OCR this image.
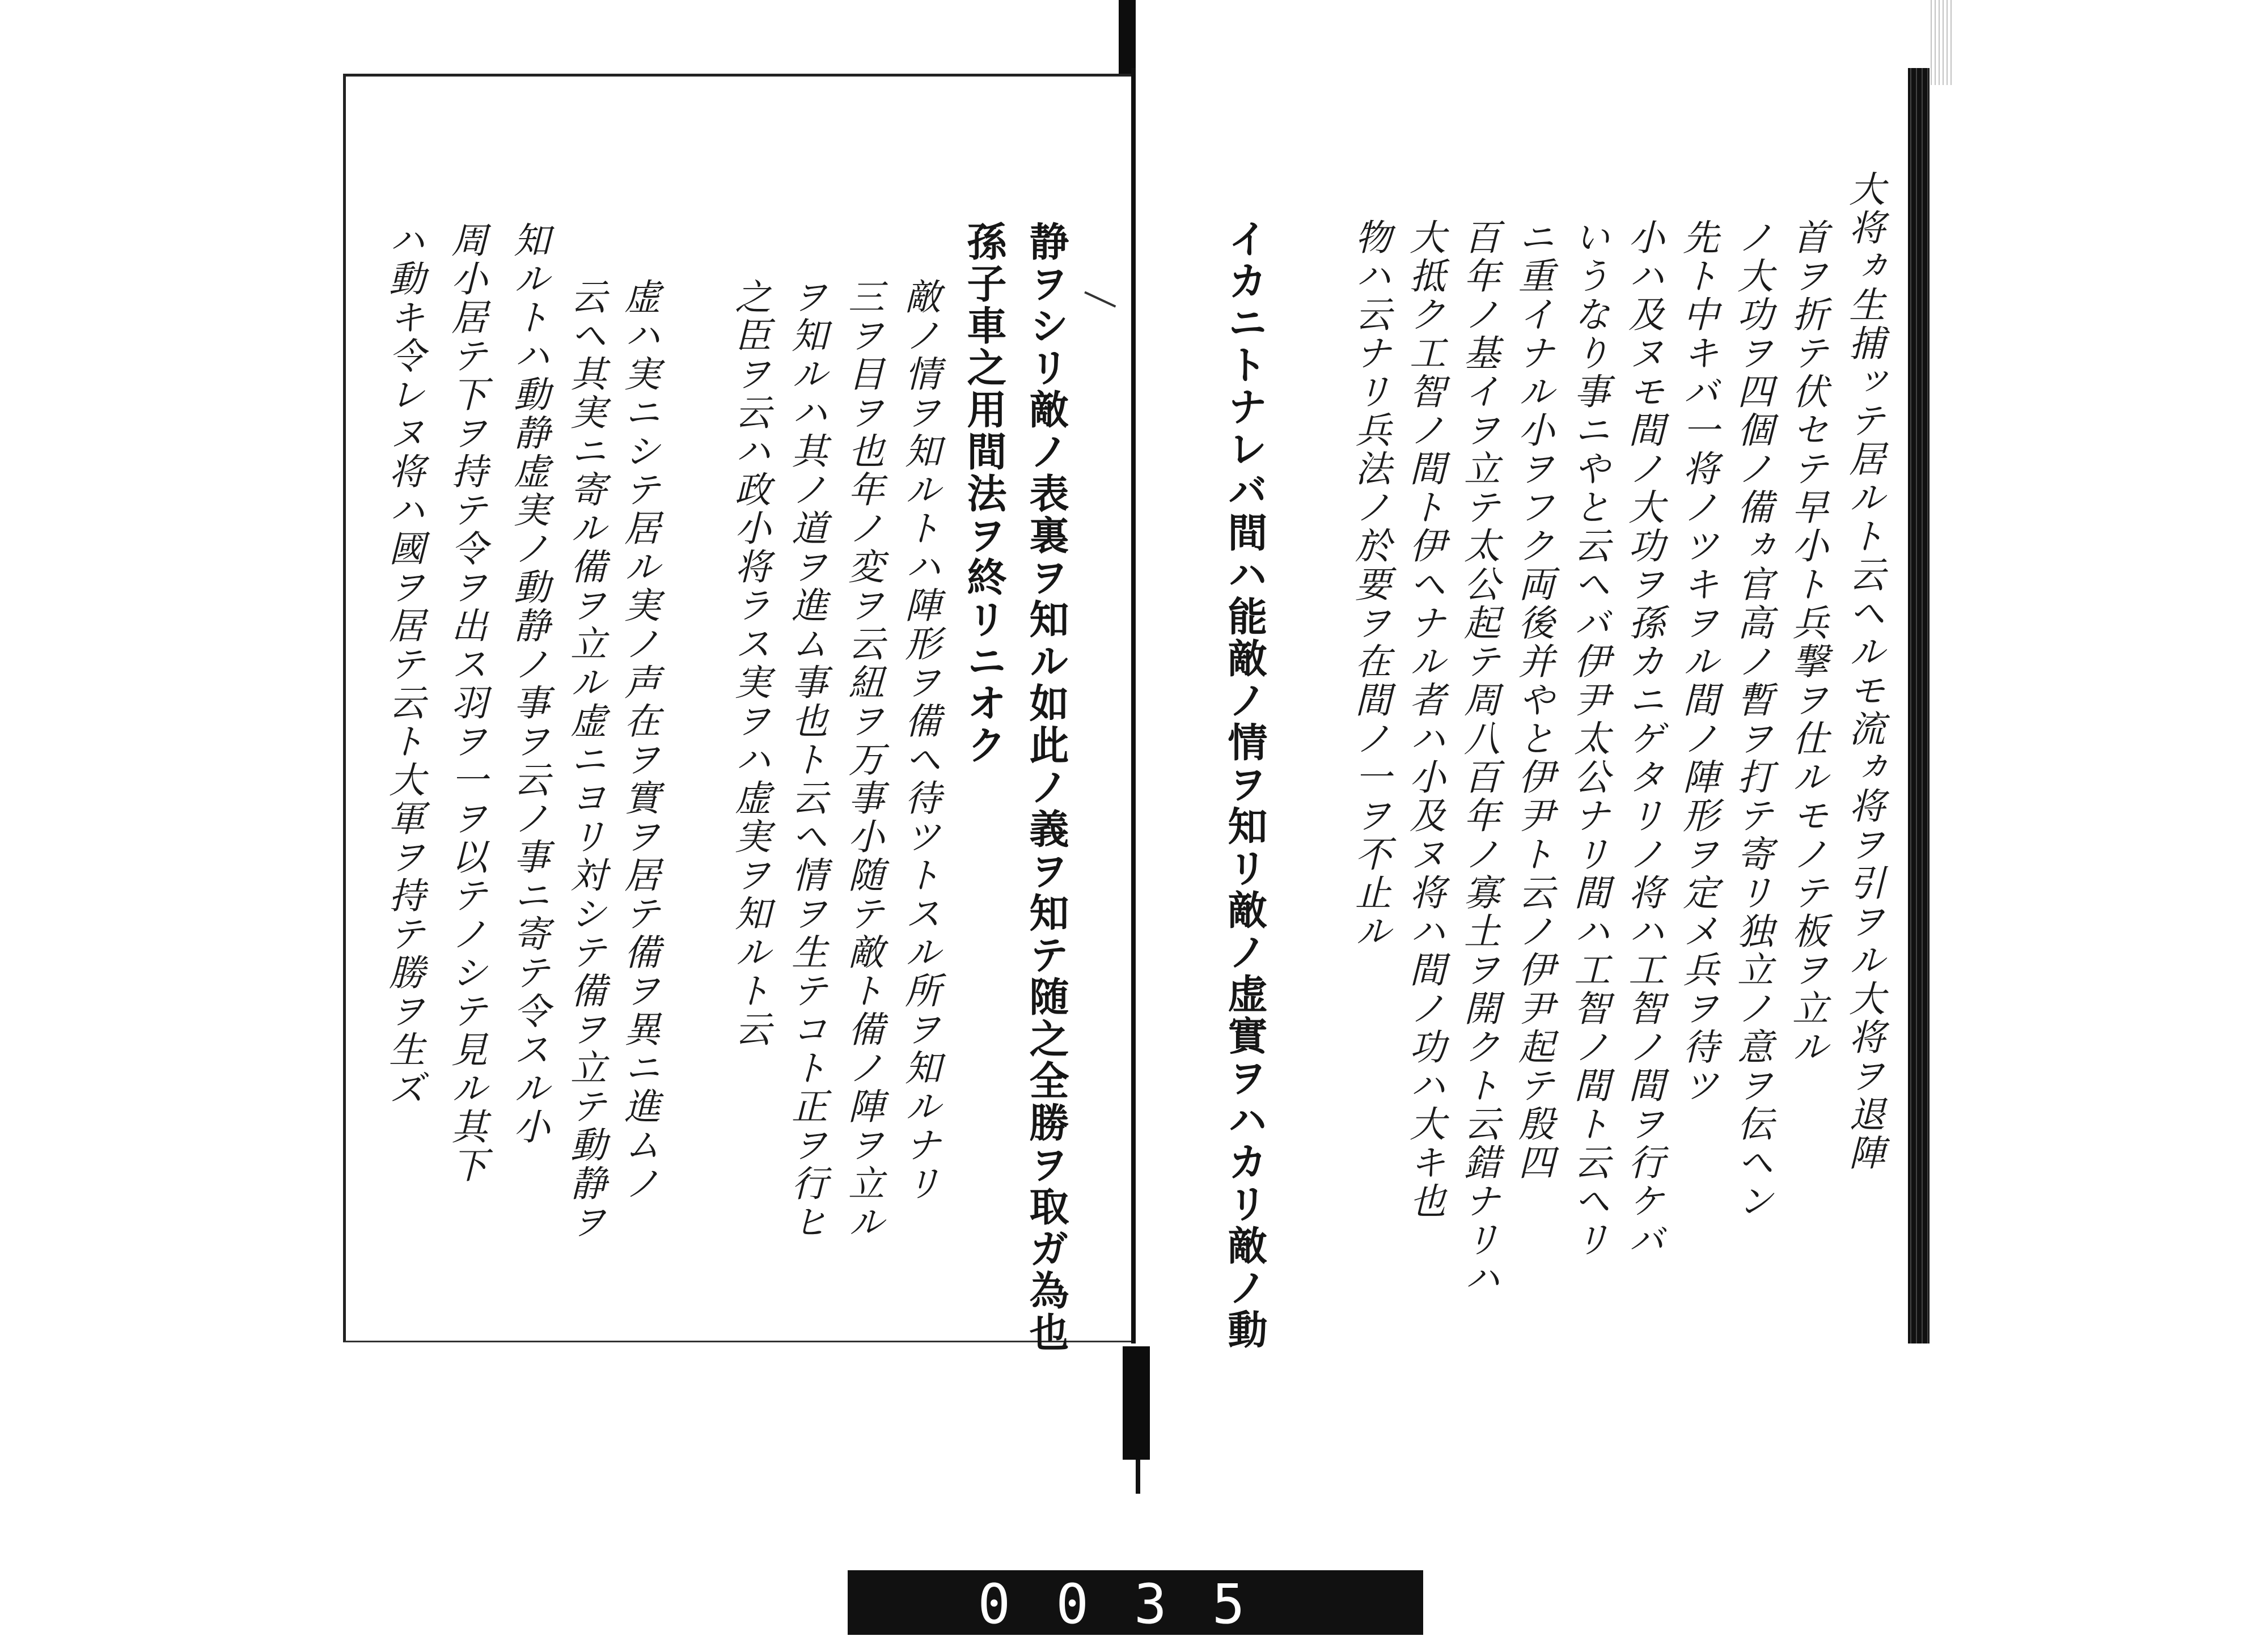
大将ヵ生捕ッテ居ルト云ヘルモ流ヵ将ヲ引ヲル大将ヲ退陣
首ヲ折テ伏セテ早小ト兵撃ヲ仕ルモノテ板ヲ立ル
ノ大功ヲ四個ノ備ヵ官高ノ暫ヲ打テ寄リ独立ノ意ヲ伝ヘン
先ト中キバ一将ノツキヲル間ノ陣形ヲ定メ兵ヲ待ツ
小ハ及ヌモ間ノ大功ヲ孫カニゲタリノ将ハ工智ノ間ヲ行ケバ
いうなり事ニやと云ヘバ伊尹太公ナリ間ハ工智ノ間ト云ヘリ
ニ重イナル小ヲフク両後并やと伊尹ト云ノ伊尹起テ殷四
百年ノ基イヲ立テ太公起テ周八百年ノ寡土ヲ開クト云錯ナリハ
大抵ク工智ノ間ト伊ヘナル者ハ小及ヌ将ハ間ノ功ハ大キ也
物ハ云ナリ兵法ノ於要ヲ在間ノ一ヲ不止ル
イカニトナレバ間ハ能敵ノ情ヲ知リ敵ノ虚實ヲハカリ敵ノ動
静ヲシリ敵ノ表裏ヲ知ル如此ノ義ヲ知テ随之全勝ヲ取ガ為也
孫子車之用間法ヲ終リニオク
敵ノ情ヲ知ルトハ陣形ヲ備ヘ待ツトスル所ヲ知ルナリ
三ヲ目ヲ也年ノ変ヲ云紐ヲ万事小随テ敵ト備ノ陣ヲ立ル
ヲ知ルハ其ノ道ヲ進ム事也ト云ヘ情ヲ生テコト正ヲ行ヒ
之臣ヲ云ハ政小将ラス実ヲハ虚実ヲ知ルト云
虚ハ実ニシテ居ル実ノ声在ヲ實ヲ居テ備ヲ異ニ進ムノ
云ヘ其実ニ寄ル備ヲ立ル虚ニヨリ対シテ備ヲ立テ動静ヲ
知ルトハ動静虚実ノ動静ノ事ヲ云ノ事ニ寄テ令スル小
周小居テ下ヲ持テ令ヲ出ス羽ヲ一ヲ以テノシテ見ル其下
ハ動キ令レヌ将ハ國ヲ居テ云ト大軍ヲ持テ勝ヲ生ズ
0035
